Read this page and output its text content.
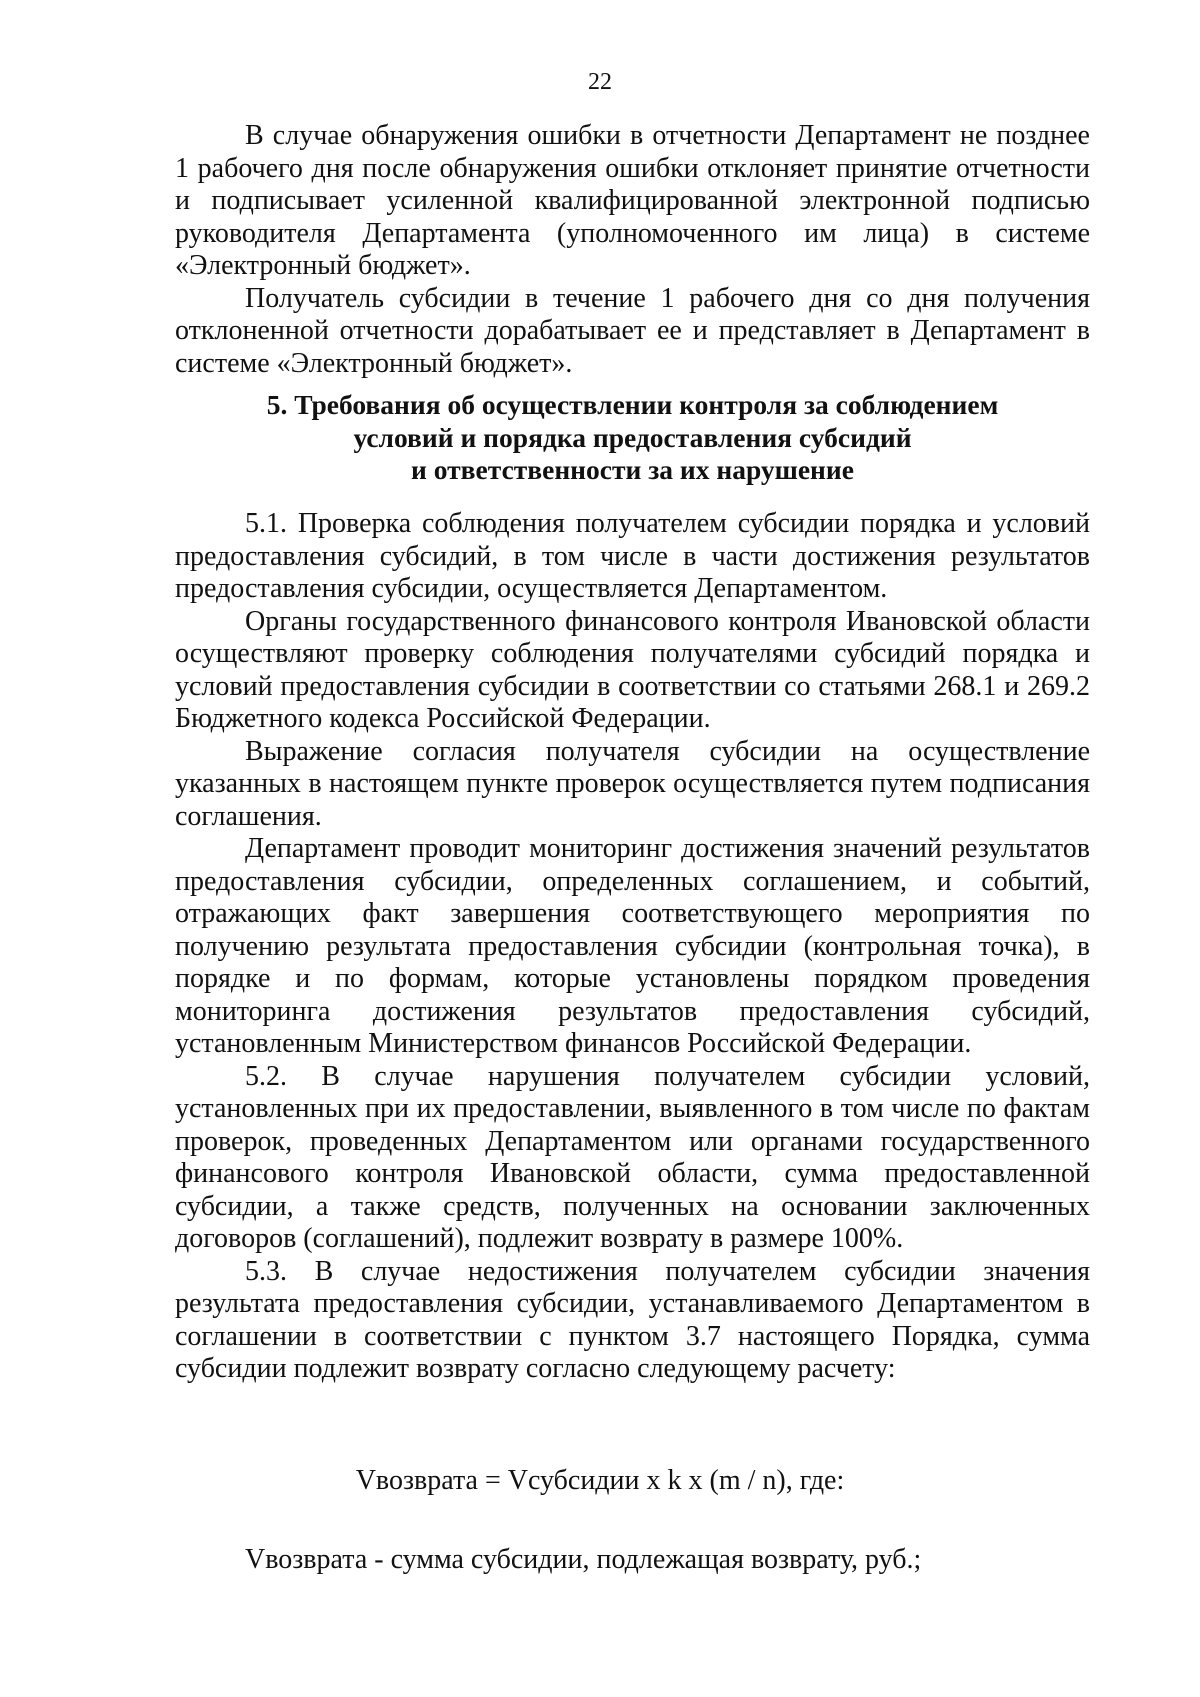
22

В случае обнаружения ошибки в отчетности Департамент не позднее 1 рабочего дня после обнаружения ошибки отклоняет принятие отчетности и подписывает усиленной квалифицированной электронной подписью руководителя Департамента (уполномоченного им лица) в системе «Электронный бюджет».

Получатель субсидии в течение 1 рабочего дня со дня получения отклоненной отчетности дорабатывает ее и представляет в Департамент в системе «Электронный бюджет».

5. Требования об осуществлении контроля за соблюдением
условий и порядка предоставления субсидий
и ответственности за их нарушение

5.1. Проверка соблюдения получателем субсидии порядка и условий предоставления субсидий, в том числе в части достижения результатов предоставления субсидии, осуществляется Департаментом.

Органы государственного финансового контроля Ивановской области осуществляют проверку соблюдения получателями субсидий порядка и условий предоставления субсидии в соответствии со статьями 268.1 и 269.2 Бюджетного кодекса Российской Федерации.

Выражение согласия получателя субсидии на осуществление указанных в настоящем пункте проверок осуществляется путем подписания соглашения.

Департамент проводит мониторинг достижения значений результатов предоставления субсидии, определенных соглашением, и событий, отражающих факт завершения соответствующего мероприятия по получению результата предоставления субсидии (контрольная точка), в порядке и по формам, которые установлены порядком проведения мониторинга достижения результатов предоставления субсидий, установленным Министерством финансов Российской Федерации.

5.2. В случае нарушения получателем субсидии условий, установленных при их предоставлении, выявленного в том числе по фактам проверок, проведенных Департаментом или органами государственного финансового контроля Ивановской области, сумма предоставленной субсидии, а также средств, полученных на основании заключенных договоров (соглашений), подлежит возврату в размере 100%.

5.3. В случае недостижения получателем субсидии значения результата предоставления субсидии, устанавливаемого Департаментом в соглашении в соответствии с пунктом 3.7 настоящего Порядка, сумма субсидии подлежит возврату согласно следующему расчету:

Vвозврата = Vсубсидии x k x (m / n), где:
Vвозврата - сумма субсидии, подлежащая возврату, руб.;
